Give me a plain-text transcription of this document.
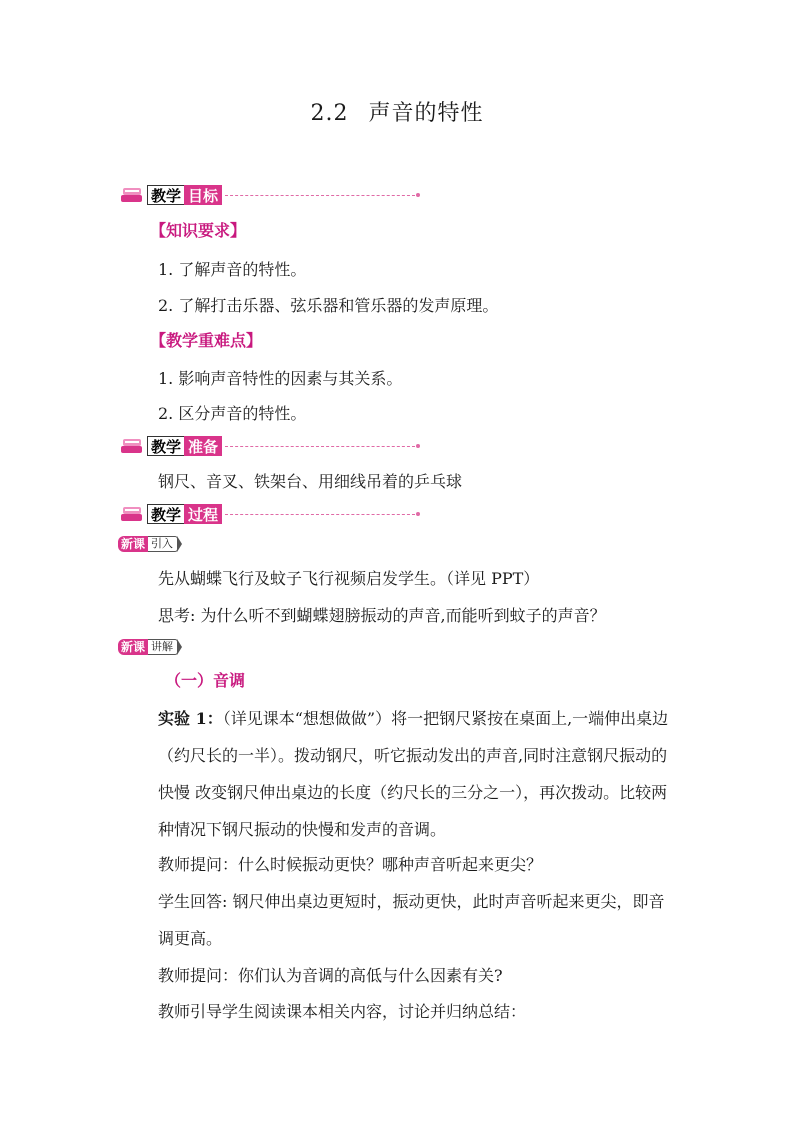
2.2 声音的特性
教学 目标
【知识要求】
1. 了解声音的特性。
2. 了解打击乐器、弦乐器和管乐器的发声原理。
【教学重难点】
1. 影响声音特性的因素与其关系。
2. 区分声音的特性。
教学 准备
钢尺、音叉、铁架台、用细线吊着的乒乓球
教学 过程
新课 引入
先从蝴蝶飞行及蚊子飞行视频启发学生。（详见 PPT）
思考: 为什么听不到蝴蝶翅膀振动的声音,而能听到蚊子的声音？
新课 讲解
（一）音调
实验 1：（详见课本“想想做做”）将一把钢尺紧按在桌面上,一端伸出桌边（约尺长的一半）。拨动钢尺，听它振动发出的声音,同时注意钢尺振动的快慢 改变钢尺伸出桌边的长度（约尺长的三分之一），再次拨动。比较两种情况下钢尺振动的快慢和发声的音调。
教师提问：什么时候振动更快？哪种声音听起来更尖？
学生回答: 钢尺伸出桌边更短时，振动更快，此时声音听起来更尖，即音调更高。
教师提问：你们认为音调的高低与什么因素有关?
教师引导学生阅读课本相关内容，讨论并归纳总结：
